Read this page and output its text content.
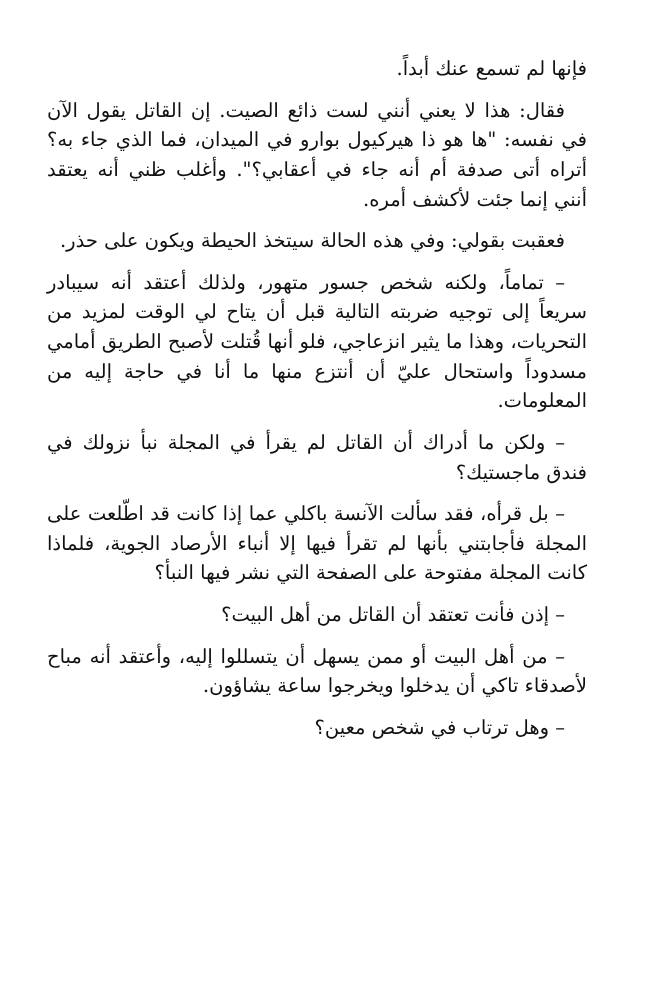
فإنها لم تسمع عنك أبداً.

فقال: هذا لا يعني أنني لست ذائع الصيت. إن القاتل يقول الآن في نفسه: "ها هو ذا هيركيول بوارو في الميدان، فما الذي جاء به؟ أتراه أتى صدفة أم أنه جاء في أعقابي؟". وأغلب ظني أنه يعتقد أنني إنما جئت لأكشف أمره.

فعقبت بقولي: وفي هذه الحالة سيتخذ الحيطة ويكون على حذر.

– تماماً، ولكنه شخص جسور متهور، ولذلك أعتقد أنه سيبادر سريعاً إلى توجيه ضربته التالية قبل أن يتاح لي الوقت لمزيد من التحريات، وهذا ما يثير انزعاجي، فلو أنها قُتلت لأصبح الطريق أمامي مسدوداً واستحال عليّ أن أنتزع منها ما أنا في حاجة إليه من المعلومات.

– ولكن ما أدراك أن القاتل لم يقرأ في المجلة نبأ نزولك في فندق ماجستيك؟

– بل قرأه، فقد سألت الآنسة باكلي عما إذا كانت قد اطّلعت على المجلة فأجابتني بأنها لم تقرأ فيها إلا أنباء الأرصاد الجوية، فلماذا كانت المجلة مفتوحة على الصفحة التي نشر فيها النبأ؟

– إذن فأنت تعتقد أن القاتل من أهل البيت؟

– من أهل البيت أو ممن يسهل أن يتسللوا إليه، وأعتقد أنه مباح لأصدقاء تاكي أن يدخلوا ويخرجوا ساعة يشاؤون.

– وهل ترتاب في شخص معين؟
